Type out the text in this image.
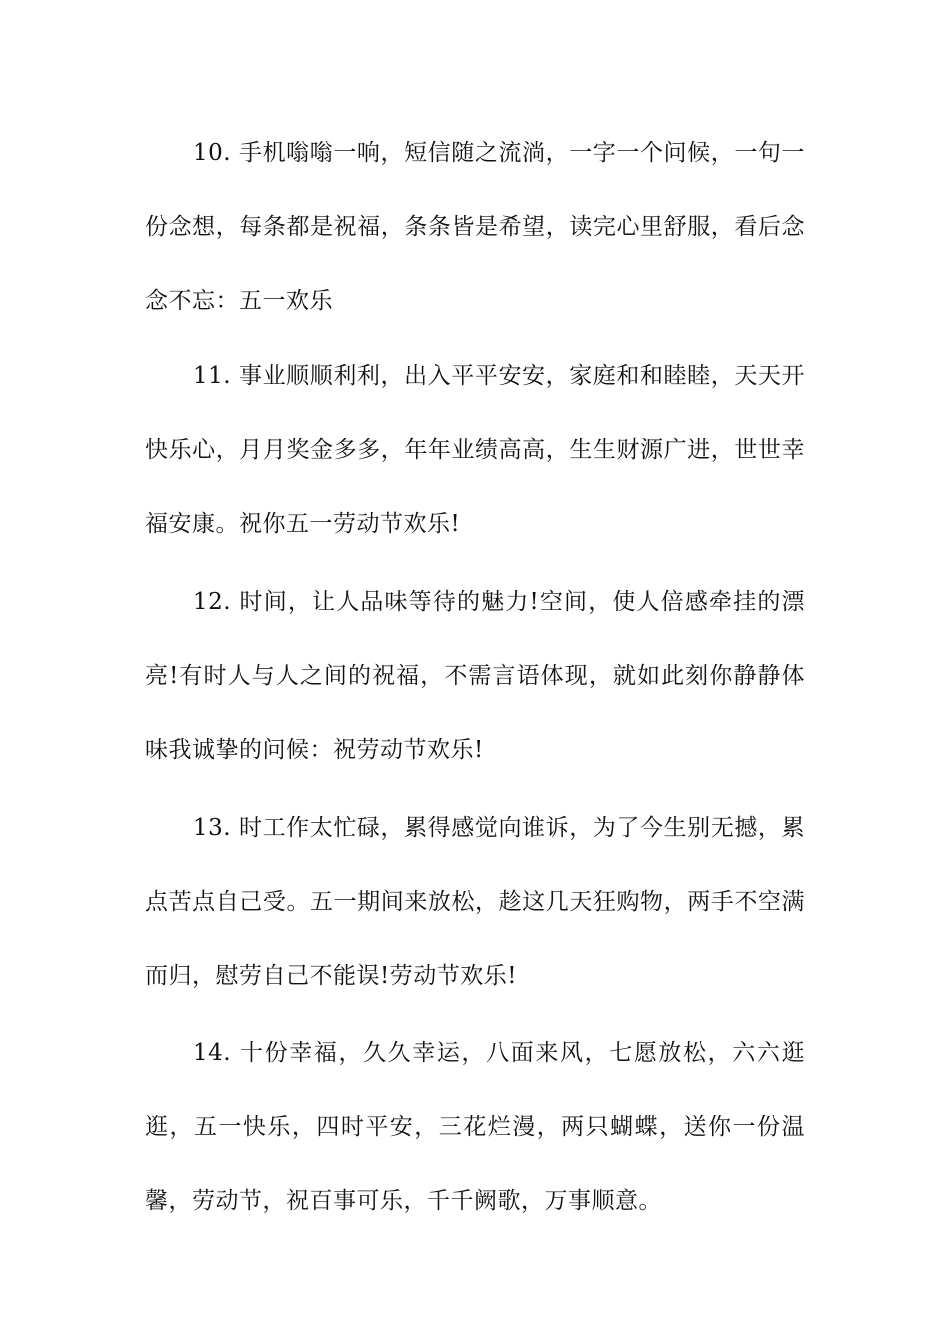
10. 手机嗡嗡一响，短信随之流淌，一字一个问候，一句一份念想，每条都是祝福，条条皆是希望，读完心里舒服，看后念念不忘：五一欢乐

11. 事业顺顺利利，出入平平安安，家庭和和睦睦，天天开快乐心，月月奖金多多，年年业绩高高，生生财源广进，世世幸福安康。祝你五一劳动节欢乐!

12. 时间，让人品味等待的魅力!空间，使人倍感牵挂的漂亮!有时人与人之间的祝福，不需言语体现，就如此刻你静静体味我诚挚的问候：祝劳动节欢乐!

13. 时工作太忙碌，累得感觉向谁诉，为了今生别无撼，累点苦点自己受。五一期间来放松，趁这几天狂购物，两手不空满而归，慰劳自己不能误!劳动节欢乐!

14. 十份幸福，久久幸运，八面来风，七愿放松，六六逛逛，五一快乐，四时平安，三花烂漫，两只蝴蝶，送你一份温馨，劳动节，祝百事可乐，千千阙歌，万事顺意。
